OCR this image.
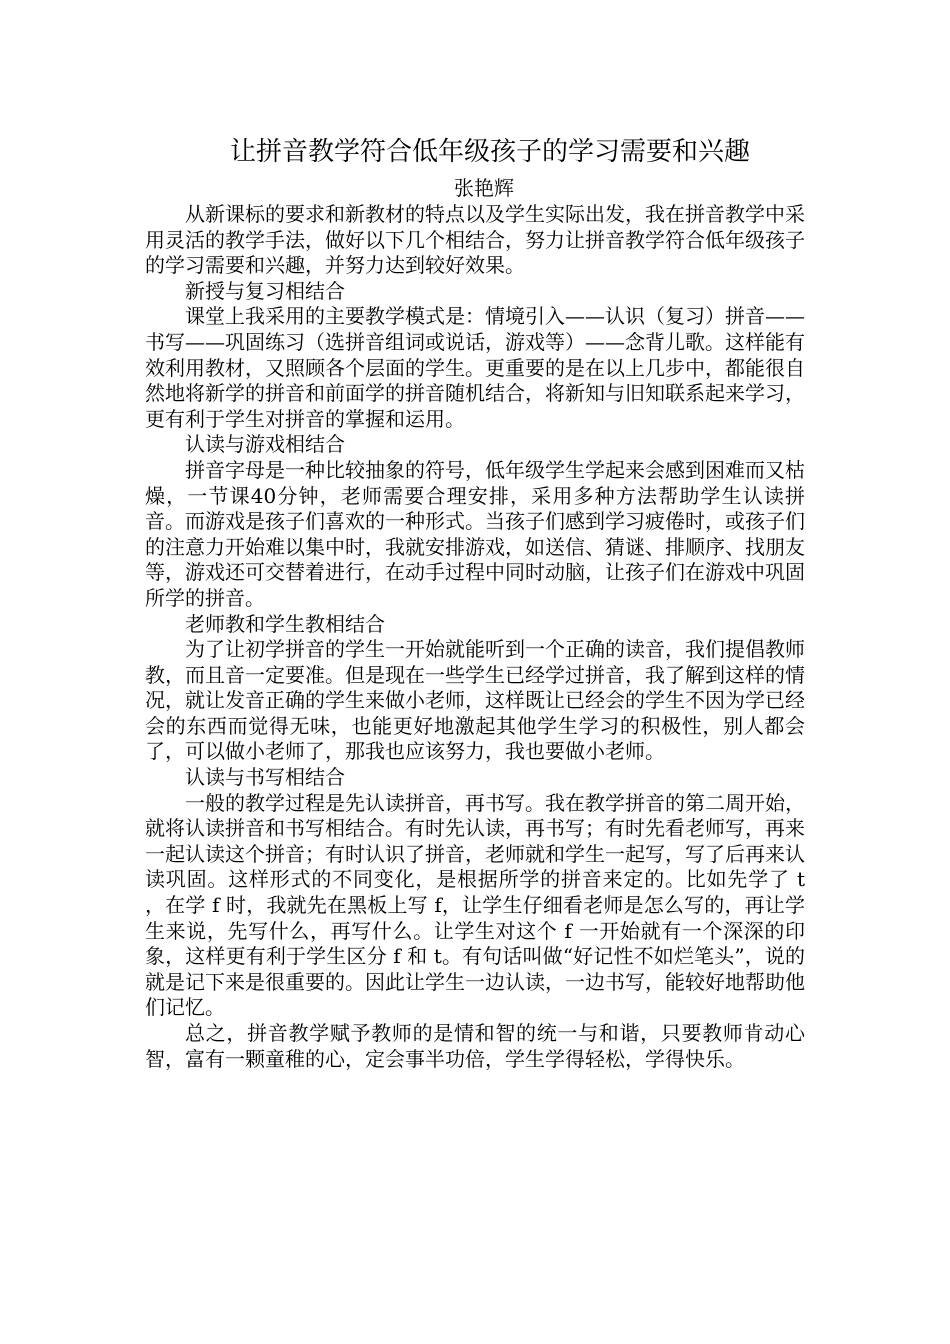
让拼音教学符合低年级孩子的学习需要和兴趣
张艳辉

从新课标的要求和新教材的特点以及学生实际出发，我在拼音教学中采用灵活的教学手法，做好以下几个相结合，努力让拼音教学符合低年级孩子的学习需要和兴趣，并努力达到较好效果。

新授与复习相结合

课堂上我采用的主要教学模式是：情境引入——认识（复习）拼音——书写——巩固练习（选拼音组词或说话，游戏等）——念背儿歌。这样能有效利用教材，又照顾各个层面的学生。更重要的是在以上几步中，都能很自然地将新学的拼音和前面学的拼音随机结合，将新知与旧知联系起来学习，更有利于学生对拼音的掌握和运用。

认读与游戏相结合

拼音字母是一种比较抽象的符号，低年级学生学起来会感到困难而又枯燥，一节课40分钟，老师需要合理安排，采用多种方法帮助学生认读拼音。而游戏是孩子们喜欢的一种形式。当孩子们感到学习疲倦时，或孩子们的注意力开始难以集中时，我就安排游戏，如送信、猜谜、排顺序、找朋友等，游戏还可交替着进行，在动手过程中同时动脑，让孩子们在游戏中巩固所学的拼音。

老师教和学生教相结合

为了让初学拼音的学生一开始就能听到一个正确的读音，我们提倡教师教，而且音一定要准。但是现在一些学生已经学过拼音，我了解到这样的情况，就让发音正确的学生来做小老师，这样既让已经会的学生不因为学已经会的东西而觉得无味，也能更好地激起其他学生学习的积极性，别人都会了，可以做小老师了，那我也应该努力，我也要做小老师。

认读与书写相结合

一般的教学过程是先认读拼音，再书写。我在教学拼音的第二周开始，就将认读拼音和书写相结合。有时先认读，再书写；有时先看老师写，再来一起认读这个拼音；有时认识了拼音，老师就和学生一起写，写了后再来认读巩固。这样形式的不同变化，是根据所学的拼音来定的。比如先学了 t ，在学 f 时，我就先在黑板上写 f，让学生仔细看老师是怎么写的，再让学生来说，先写什么，再写什么。让学生对这个 f 一开始就有一个深深的印象，这样更有利于学生区分 f 和 t。有句话叫做“好记性不如烂笔头”，说的就是记下来是很重要的。因此让学生一边认读，一边书写，能较好地帮助他们记忆。

总之，拼音教学赋予教师的是情和智的统一与和谐，只要教师肯动心智，富有一颗童稚的心，定会事半功倍，学生学得轻松，学得快乐。
